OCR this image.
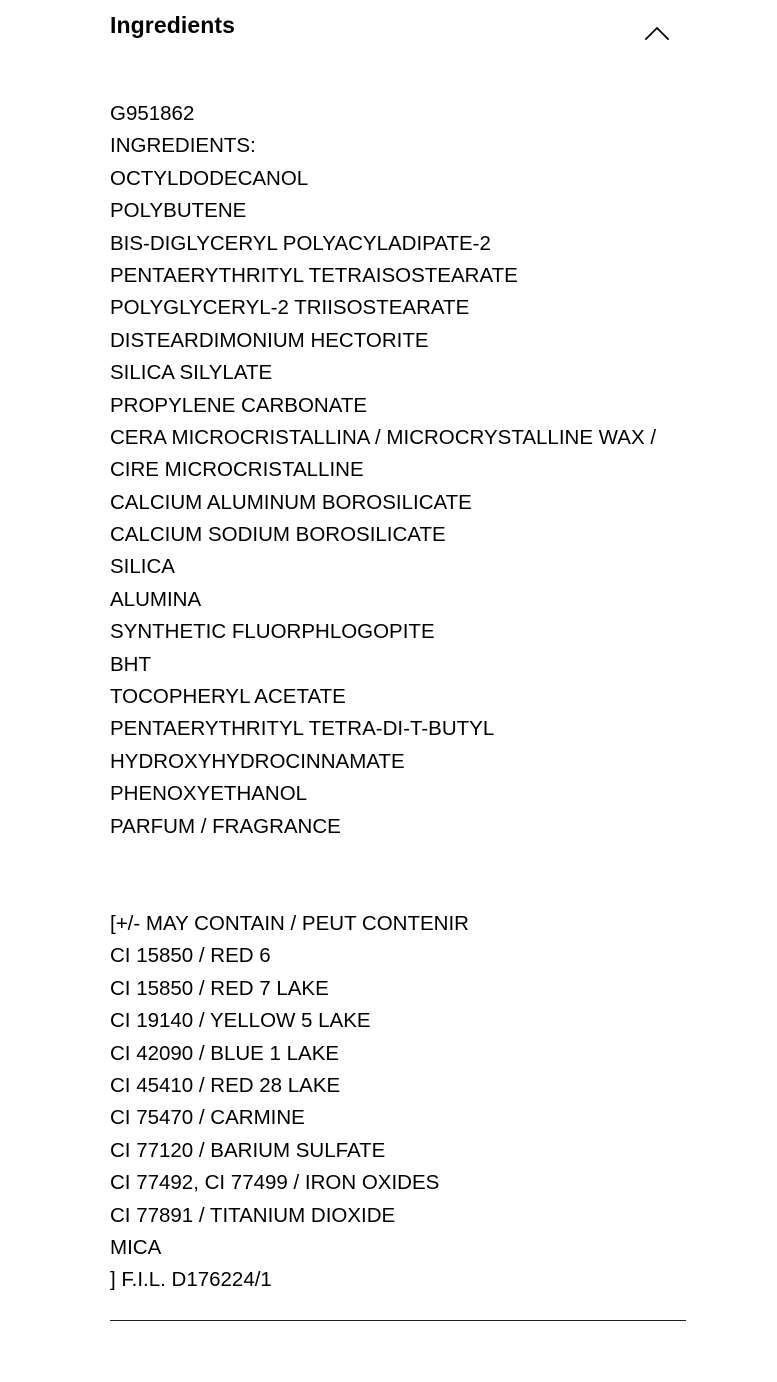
Ingredients
G951862
INGREDIENTS:
OCTYLDODECANOL
POLYBUTENE
BIS-DIGLYCERYL POLYACYLADIPATE-2
PENTAERYTHRITYL TETRAISOSTEARATE
POLYGLYCERYL-2 TRIISOSTEARATE
DISTEARDIMONIUM HECTORITE
SILICA SILYLATE
PROPYLENE CARBONATE
CERA MICROCRISTALLINA / MICROCRYSTALLINE WAX /
CIRE MICROCRISTALLINE
CALCIUM ALUMINUM BOROSILICATE
CALCIUM SODIUM BOROSILICATE
SILICA
ALUMINA
SYNTHETIC FLUORPHLOGOPITE
BHT
TOCOPHERYL ACETATE
PENTAERYTHRITYL TETRA-DI-T-BUTYL
HYDROXYHYDROCINNAMATE
PHENOXYETHANOL
PARFUM / FRAGRANCE
[+/- MAY CONTAIN / PEUT CONTENIR
CI 15850 / RED 6
CI 15850 / RED 7 LAKE
CI 19140 / YELLOW 5 LAKE
CI 42090 / BLUE 1 LAKE
CI 45410 / RED 28 LAKE
CI 75470 / CARMINE
CI 77120 / BARIUM SULFATE
CI 77492, CI 77499 / IRON OXIDES
CI 77891 / TITANIUM DIOXIDE
MICA
] F.I.L. D176224/1
